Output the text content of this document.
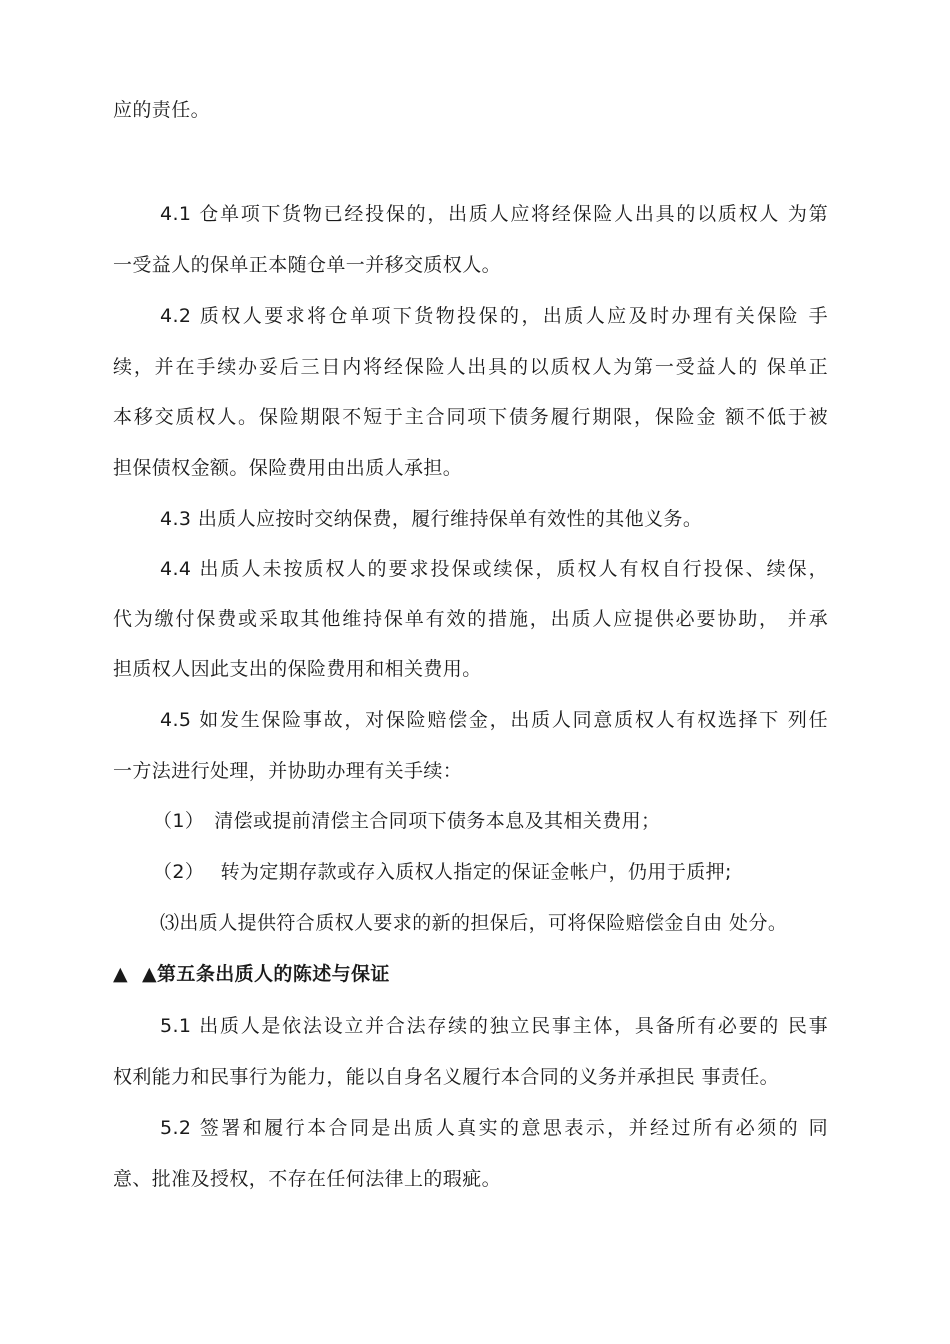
应的责任。
4.1 仓单项下货物已经投保的，出质人应将经保险人出具的以质权人 为第
一受益人的保单正本随仓单一并移交质权人。
4.2 质权人要求将仓单项下货物投保的，出质人应及时办理有关保险 手
续，并在手续办妥后三日内将经保险人出具的以质权人为第一受益人的 保单正
本移交质权人。保险期限不短于主合同项下债务履行期限，保险金 额不低于被
担保债权金额。保险费用由出质人承担。
4.3 出质人应按时交纳保费，履行维持保单有效性的其他义务。
4.4 出质人未按质权人的要求投保或续保，质权人有权自行投保、续保，
代为缴付保费或采取其他维持保单有效的措施，出质人应提供必要协助， 并承
担质权人因此支出的保险费用和相关费用。
4.5 如发生保险事故，对保险赔偿金，出质人同意质权人有权选择下 列任
一方法进行处理，并协助办理有关手续：
（1）　清偿或提前清偿主合同项下债务本息及其相关费用；
（2）　 转为定期存款或存入质权人指定的保证金帐户，仍用于质押;
⑶出质人提供符合质权人要求的新的担保后，可将保险赔偿金自由 处分。
▲ ▲第五条出质人的陈述与保证
5.1 出质人是依法设立并合法存续的独立民事主体，具备所有必要的 民事
权利能力和民事行为能力，能以自身名义履行本合同的义务并承担民 事责任。
5.2 签署和履行本合同是出质人真实的意思表示，并经过所有必须的 同
意、批准及授权，不存在任何法律上的瑕疵。
